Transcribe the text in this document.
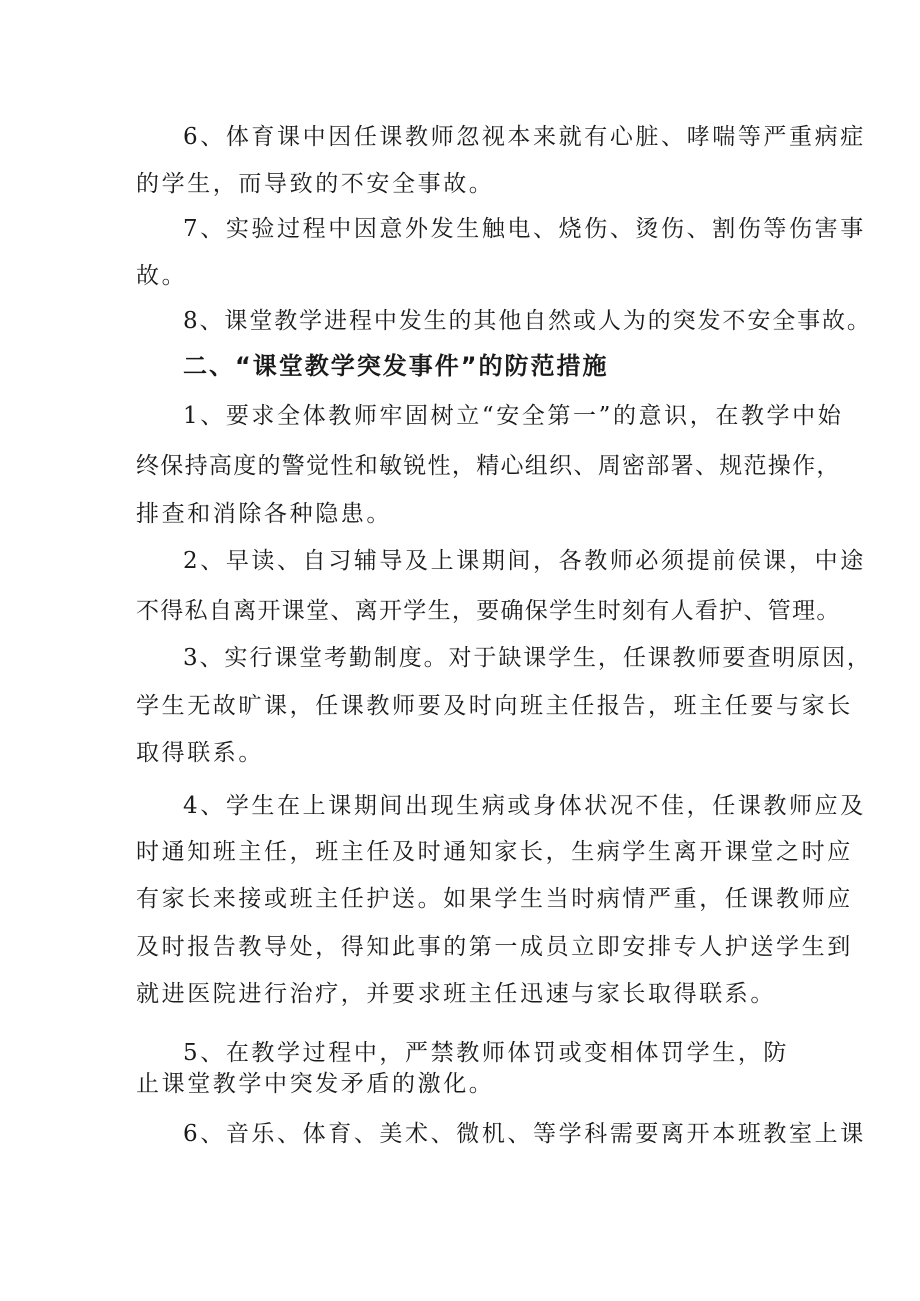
6、体育课中因任课教师忽视本来就有心脏、哮喘等严重病症
的学生，而导致的不安全事故。
7、实验过程中因意外发生触电、烧伤、烫伤、割伤等伤害事
故。
8、课堂教学进程中发生的其他自然或人为的突发不安全事故。
二、“课堂教学突发事件”的防范措施
1、要求全体教师牢固树立“安全第一”的意识，在教学中始
终保持高度的警觉性和敏锐性，精心组织、周密部署、规范操作，
排查和消除各种隐患。
2、早读、自习辅导及上课期间，各教师必须提前侯课，中途
不得私自离开课堂、离开学生，要确保学生时刻有人看护、管理。
3、实行课堂考勤制度。对于缺课学生，任课教师要查明原因，
学生无故旷课，任课教师要及时向班主任报告，班主任要与家长
取得联系。
4、学生在上课期间出现生病或身体状况不佳，任课教师应及
时通知班主任，班主任及时通知家长，生病学生离开课堂之时应
有家长来接或班主任护送。如果学生当时病情严重，任课教师应
及时报告教导处，得知此事的第一成员立即安排专人护送学生到
就进医院进行治疗，并要求班主任迅速与家长取得联系。
5、在教学过程中，严禁教师体罚或变相体罚学生，防
止课堂教学中突发矛盾的激化。
6、音乐、体育、美术、微机、等学科需要离开本班教室上课
